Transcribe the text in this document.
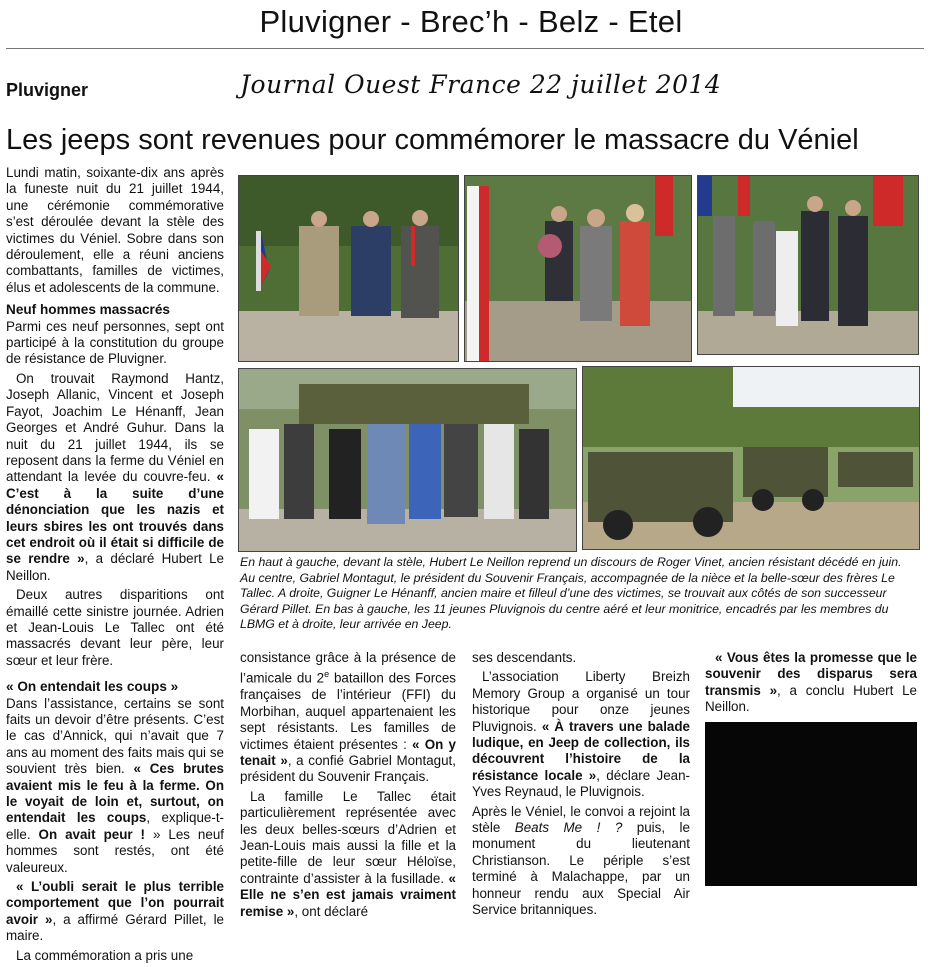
Pluvigner - Brec’h - Belz - Etel
Pluvigner	Journal Ouest France 22 juillet 2014
Les jeeps sont revenues pour commémorer le massacre du Véniel

Lundi matin, soixante-dix ans après la funeste nuit du 21 juillet 1944, une cérémonie commémorative s’est déroulée devant la stèle des victimes du Véniel. Sobre dans son déroulement, elle a réuni anciens combattants, familles de victimes, élus et adolescents de la commune.

Neuf hommes massacrés

Parmi ces neuf personnes, sept ont participé à la constitution du groupe de résistance de Pluvigner.

On trouvait Raymond Hantz, Joseph Allanic, Vincent et Joseph Fayot, Joachim Le Hénanff, Jean Georges et André Guhur. Dans la nuit du 21 juillet 1944, ils se reposent dans la ferme du Véniel en attendant la levée du couvre-feu. « C’est à la suite d’une dénonciation que les nazis et leurs sbires les ont trouvés dans cet endroit où il était si difficile de se rendre », a déclaré Hubert Le Neillon.

Deux autres disparitions ont émaillé cette sinistre journée. Adrien et Jean-Louis Le Tallec ont été massacrés devant leur père, leur sœur et leur frère.

« On entendait les coups »

Dans l’assistance, certains se sont faits un devoir d’être présents. C’est le cas d’Annick, qui n’avait que 7 ans au moment des faits mais qui se souvient très bien. « Ces brutes avaient mis le feu à la ferme. On le voyait de loin et, surtout, on entendait les coups, explique-t-elle. On avait peur ! » Les neuf hommes sont restés, ont été valeureux.

« L’oubli serait le plus terrible comportement que l’on pourrait avoir », a affirmé Gérard Pillet, le maire.

La commémoration a pris une

consistance grâce à la présence de l’amicale du 2e bataillon des Forces françaises de l’intérieur (FFI) du Morbihan, auquel appartenaient les sept résistants. Les familles de victimes étaient présentes : « On y tenait », a confié Gabriel Montagut, président du Souvenir Français.

La famille Le Tallec était particulièrement représentée avec les deux belles-sœurs d’Adrien et Jean-Louis mais aussi la fille et la petite-fille de leur sœur Héloïse, contrainte d’assister à la fusillade. « Elle ne s’en est jamais vraiment remise », ont déclaré

ses descendants.

L’association Liberty Breizh Memory Group a organisé un tour historique pour onze jeunes Pluvignois. « À travers une balade ludique, en Jeep de collection, ils découvrent l’histoire de la résistance locale », déclare Jean-Yves Reynaud, le Pluvignois.

Après le Véniel, le convoi a rejoint la stèle Beats Me ! ? puis, le monument du lieutenant Christianson. Le périple s’est terminé à Malachappe, par un honneur rendu aux Special Air Service britanniques.

« Vous êtes la promesse que le souvenir des disparus sera transmis », a conclu Hubert Le Neillon.

En haut à gauche, devant la stèle, Hubert Le Neillon reprend un discours de Roger Vinet, ancien résistant décédé en juin. Au centre, Gabriel Montagut, le président du Souvenir Français, accompagnée de la nièce et la belle-sœur des frères Le Tallec. A droite, Guigner Le Hénanff, ancien maire et filleul d’une des victimes, se trouvait aux côtés de son successeur Gérard Pillet. En bas à gauche, les 11 jeunes Pluvignois du centre aéré et leur monitrice, encadrés par les membres du LBMG et à droite, leur arrivée en Jeep.
